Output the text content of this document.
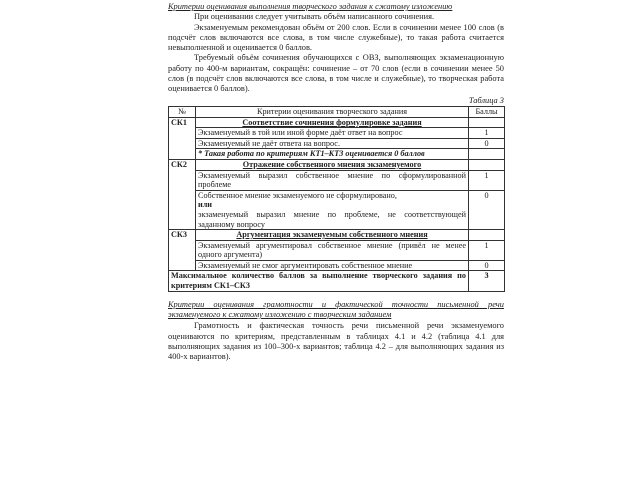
Критерии оценивания выполнения творческого задания к сжатому изложению

При оценивании следует учитывать объём написанного сочинения.

Экзаменуемым рекомендован объём от 200 слов. Если в сочинении менее 100 слов (в подсчёт слов включаются все слова, в том числе служебные), то такая работа считается невыполненной и оценивается 0 баллов.

Требуемый объём сочинения обучающихся с ОВЗ, выполняющих экзаменационную работу по 400-м вариантам, сокращён: сочинение – от 70 слов (если в сочинении менее 50 слов (в подсчёт слов включаются все слова, в том числе и служебные), то творческая работа оценивается 0 баллов).

Таблица 3
№	Критерии оценивания творческого задания	Баллы
СК1	Соответствие сочинения формулировке задания	
	Экзаменуемый в той или иной форме даёт ответ на вопрос	1
	Экзаменуемый не даёт ответа на вопрос.	0
	* Такая работа по критериям КТ1–КТ3 оценивается 0 баллов	
СК2	Отражение собственного мнения экзаменуемого	
	Экзаменуемый выразил собственное мнение по сформулированной проблеме	1

	Собственное мнение экзаменуемого не сформулировано,
или
экзаменуемый выразил мнение по проблеме, не соответствующей заданному вопросу	0
СК3	Аргументация экзаменуемым собственного мнения	
	Экзаменуемый аргументировал собственное мнение (привёл не менее одного аргумента)	1
	Экзаменуемый не смог аргументировать собственное мнение	0
Максимальное количество баллов за выполнение творческого задания по критериям СК1–СК3		3

Критерии оценивания грамотности и фактической точности письменной речи экзаменуемого к сжатому изложению с творческим заданием

Грамотность и фактическая точность речи письменной речи экзаменуемого оцениваются по критериям, представленным в таблицах 4.1 и 4.2 (таблица 4.1 для выполняющих задания из 100–300-х вариантов; таблица 4.2 – для выполняющих задания из 400-х вариантов).
